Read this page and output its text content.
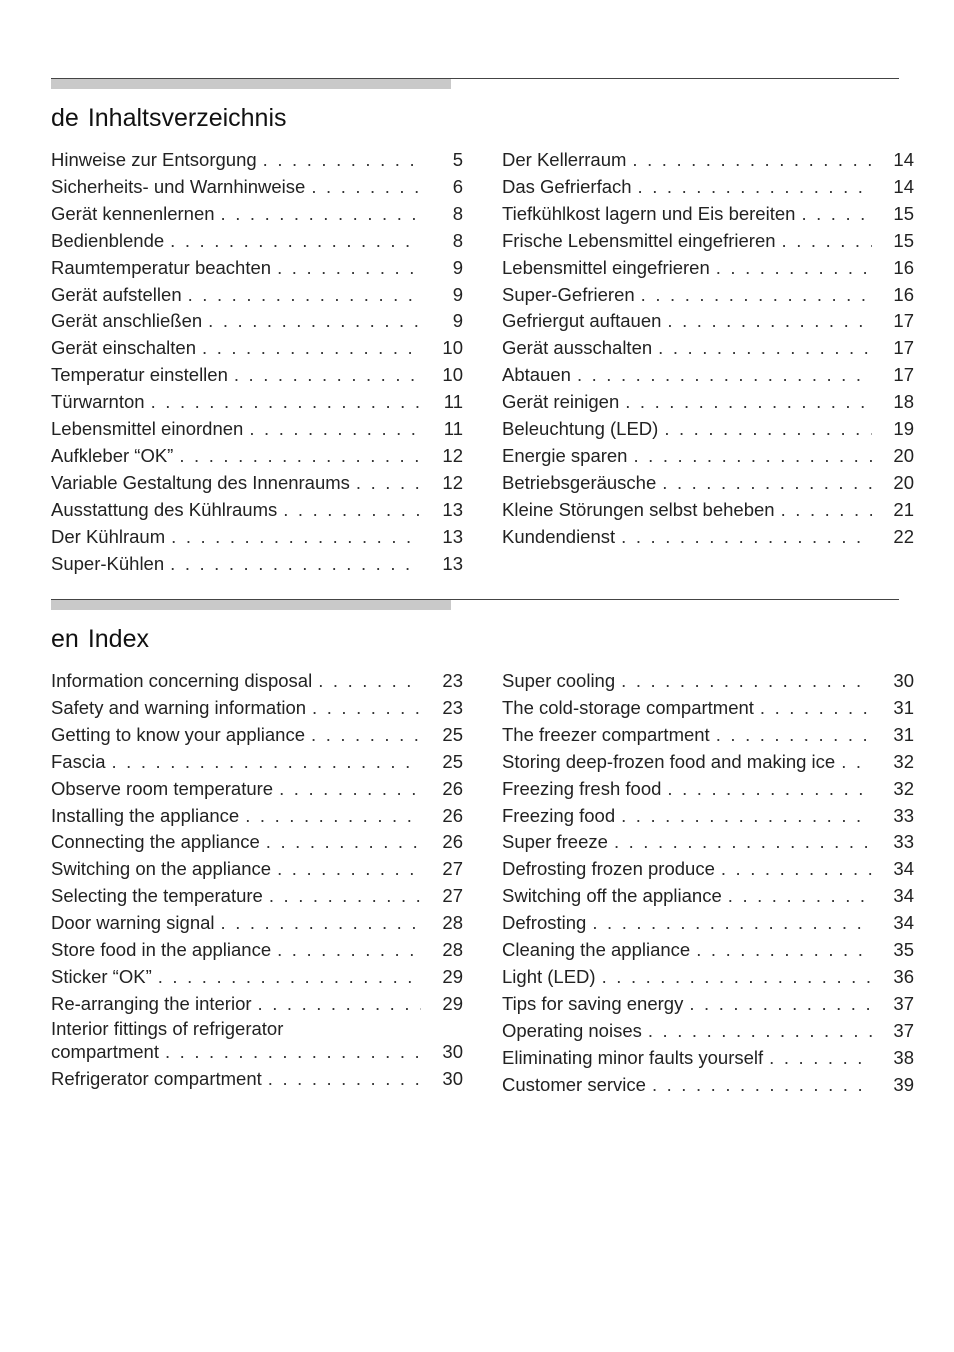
de Inhaltsverzeichnis
Hinweise zur Entsorgung . . .	5
Sicherheits- und Warnhinweise . . .	6
Gerät kennenlernen . . .	8
Bedienblende . . .	8
Raumtemperatur beachten . . .	9
Gerät aufstellen . . .	9
Gerät anschließen . . .	9
Gerät einschalten . . .	10
Temperatur einstellen . . .	10
Türwarnton . . .	11
Lebensmittel einordnen . . .	11
Aufkleber “OK” . . .	12
Variable Gestaltung des Innenraums . . .	12
Ausstattung des Kühlraums . . .	13
Der Kühlraum . . .	13
Super-Kühlen . . .	13
Der Kellerraum . . .	14
Das Gefrierfach . . .	14
Tiefkühlkost lagern und Eis bereiten . . .	15
Frische Lebensmittel eingefrieren . . .	15
Lebensmittel eingefrieren . . .	16
Super-Gefrieren . . .	16
Gefriergut auftauen . . .	17
Gerät ausschalten . . .	17
Abtauen . . .	17
Gerät reinigen . . .	18
Beleuchtung (LED) . . .	19
Energie sparen . . .	20
Betriebsgeräusche . . .	20
Kleine Störungen selbst beheben . . .	21
Kundendienst . . .	22
en Index
Information concerning disposal . . .	23
Safety and warning information . . .	23
Getting to know your appliance . . .	25
Fascia . . .	25
Observe room temperature . . .	26
Installing the appliance . . .	26
Connecting the appliance . . .	26
Switching on the appliance . . .	27
Selecting the temperature . . .	27
Door warning signal . . .	28
Store food in the appliance . . .	28
Sticker “OK” . . .	29
Re-arranging the interior . . .	29
Interior fittings of refrigerator
compartment . . .	30
Refrigerator compartment . . .	30
Super cooling . . .	30
The cold-storage compartment . . .	31
The freezer compartment . . .	31
Storing deep-frozen food and making ice . . .	32
Freezing fresh food . . .	32
Freezing food . . .	33
Super freeze . . .	33
Defrosting frozen produce . . .	34
Switching off the appliance . . .	34
Defrosting . . .	34
Cleaning the appliance . . .	35
Light (LED) . . .	36
Tips for saving energy . . .	37
Operating noises . . .	37
Eliminating minor faults yourself . . .	38
Customer service . . .	39
